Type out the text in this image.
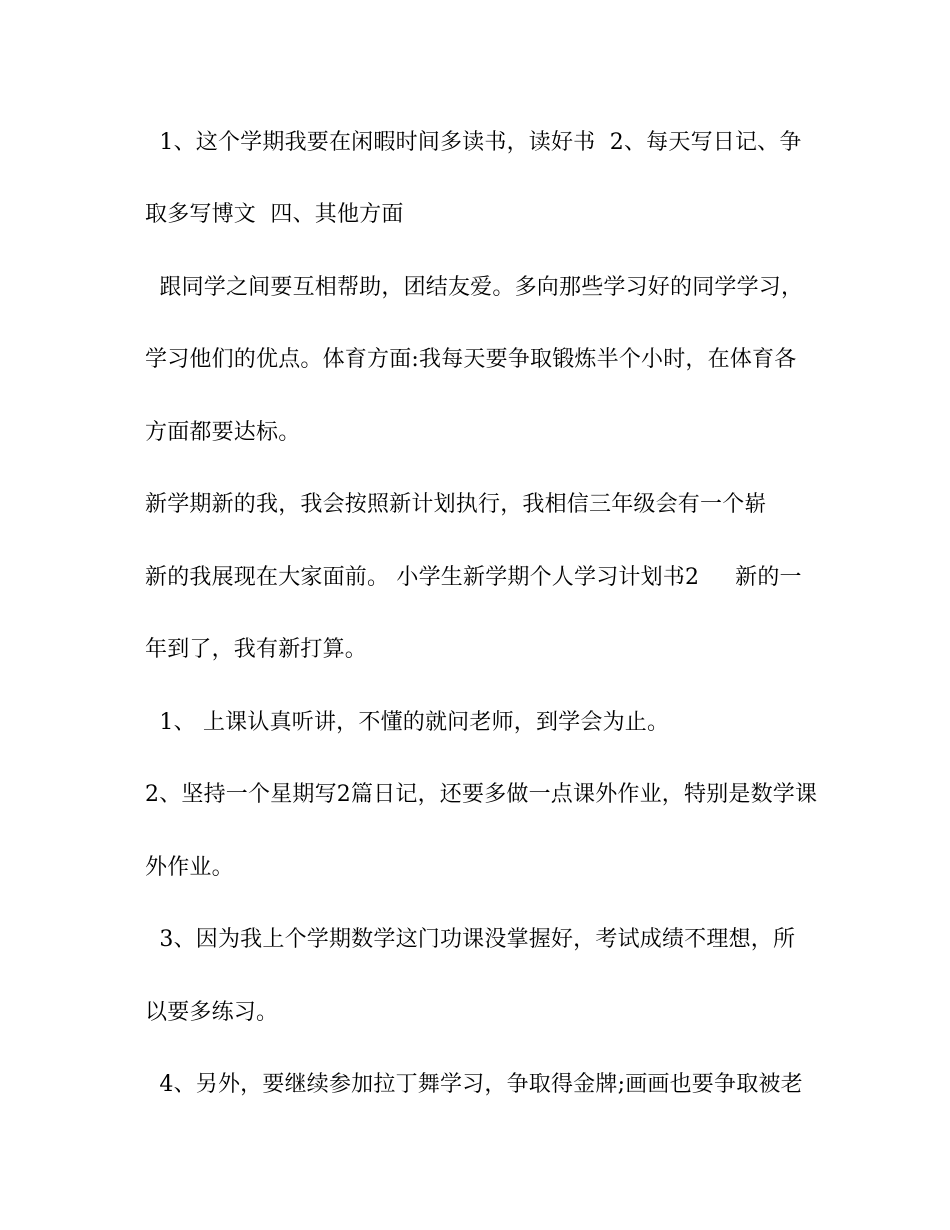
1、这个学期我要在闲暇时间多读书，读好书  2、每天写日记、争
取多写博文  四、其他方面
跟同学之间要互相帮助，团结友爱。多向那些学习好的同学学习，
学习他们的优点。体育方面:我每天要争取锻炼半个小时，在体育各
方面都要达标。
新学期新的我，我会按照新计划执行，我相信三年级会有一个崭
新的我展现在大家面前。 小学生新学期个人学习计划书2     新的一
年到了，我有新打算。
1、 上课认真听讲，不懂的就问老师，到学会为止。
2、坚持一个星期写2篇日记，还要多做一点课外作业，特别是数学课
外作业。
3、因为我上个学期数学这门功课没掌握好，考试成绩不理想，所
以要多练习。
4、另外，要继续参加拉丁舞学习，争取得金牌;画画也要争取被老
